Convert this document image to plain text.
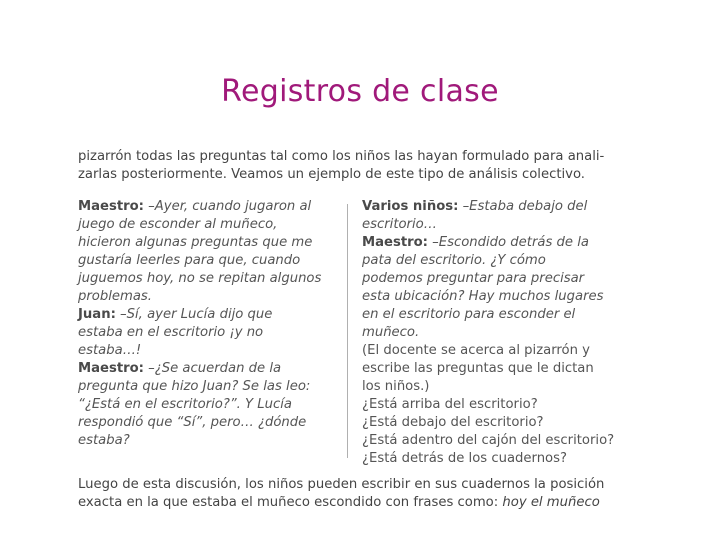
Registros de clase

pizarrón todas las preguntas tal como los niños las hayan formulado para anali-

zarlas posteriormente. Veamos un ejemplo de este tipo de análisis colectivo.

Maestro: –Ayer, cuando jugaron al

juego de esconder al muñeco,

hicieron algunas preguntas que me

gustaría leerles para que, cuando

juguemos hoy, no se repitan algunos

problemas.

Juan: –Sí, ayer Lucía dijo que

estaba en el escritorio ¡y no

estaba…!

Maestro: –¿Se acuerdan de la

pregunta que hizo Juan? Se las leo:

“¿Está en el escritorio?”. Y Lucía

respondió que “Sí”, pero… ¿dónde

estaba?

Varios niños: –Estaba debajo del

escritorio…

Maestro: –Escondido detrás de la

pata del escritorio. ¿Y cómo

podemos preguntar para precisar

esta ubicación? Hay muchos lugares

en el escritorio para esconder el

muñeco.

(El docente se acerca al pizarrón y

escribe las preguntas que le dictan

los niños.)

¿Está arriba del escritorio?

¿Está debajo del escritorio?

¿Está adentro del cajón del escritorio?

¿Está detrás de los cuadernos?

Luego de esta discusión, los niños pueden escribir en sus cuadernos la posición

exacta en la que estaba el muñeco escondido con frases como: hoy el muñeco
